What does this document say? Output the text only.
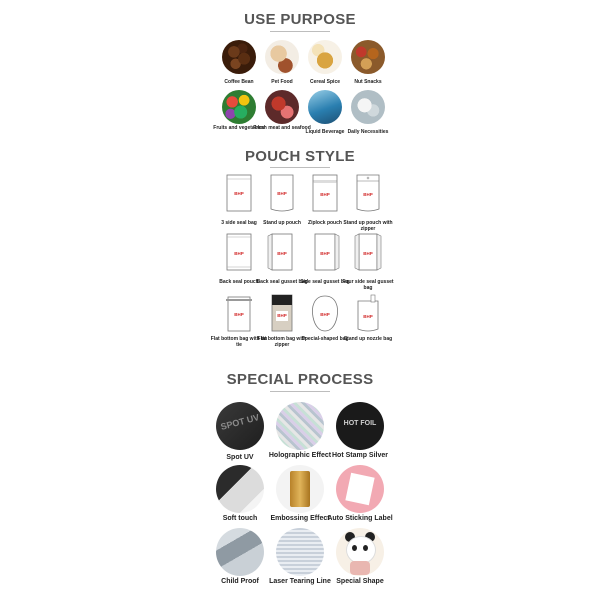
USE PURPOSE
Coffee Bean	Pet Food	Cereal Spice	Nut Snacks
Fruits and vegetables
Fresh meat and seafood
Liquid Beverage Daily Necessities
POUCH STYLE
BHP
3 side seal bag
BHP
Stand up pouch
BHP
Ziplock pouch
BHP
Stand up pouch with zipper
BHP
Back seal pouch
BHP
Back seal gusset bag
BHP
Side seal gusset bag
BHP
Four side seal gusset bag
BHP
Flat bottom bag with tin tie
BHP
Flat bottom bag with zipper
BHP
Special-shaped bag
BHP
Stand up nozzle bag
SPECIAL PROCESS
SPOT UV
Spot UV	Holographic Effect
HOT FOIL
Hot Stamp Silver
Soft touch	Embossing Effect
Auto Sticking Label
Child Proof	Laser Tearing Line Special Shape
